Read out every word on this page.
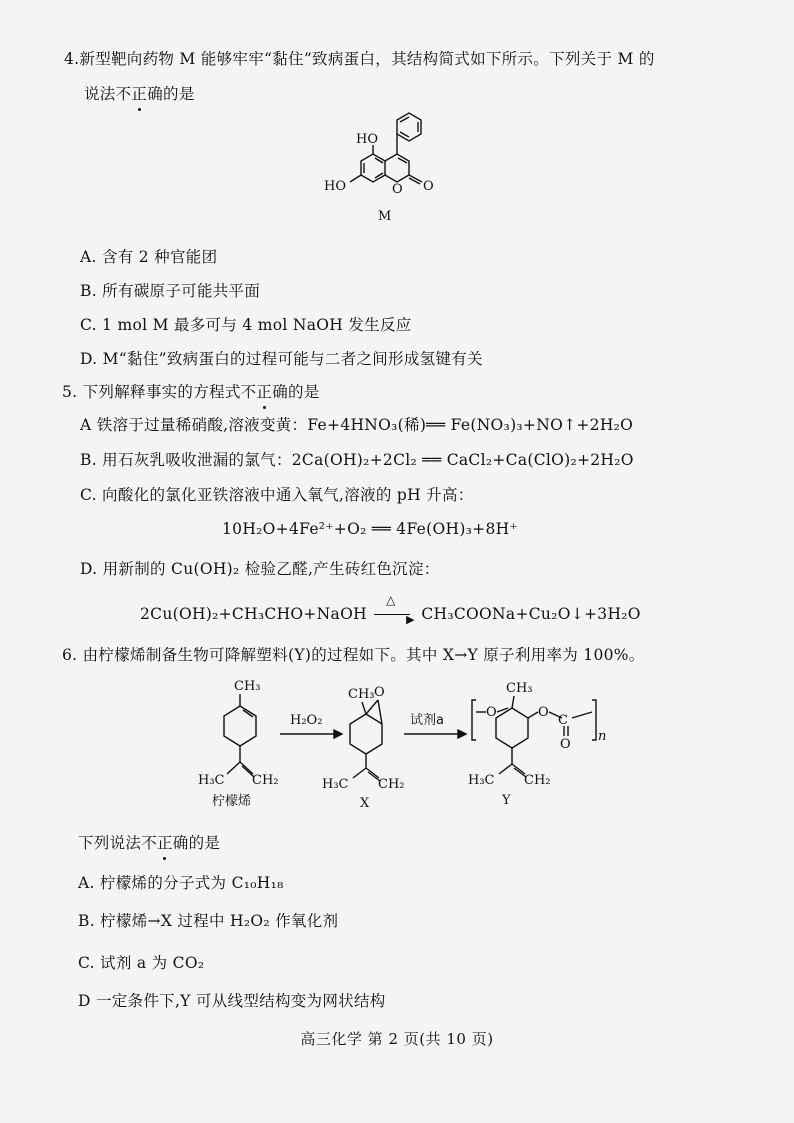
4.新型靶向药物 M 能够牢牢“黏住”致病蛋白，其结构简式如下所示。下列关于 M 的
说法不正确的是
HO
HO	O O
M
A. 含有 2 种官能团
B. 所有碳原子可能共平面
C. 1 mol M 最多可与 4 mol NaOH 发生反应
D. M“黏住”致病蛋白的过程可能与二者之间形成氢键有关
5. 下列解释事实的方程式不正确的是
A 铁溶于过量稀硝酸,溶液变黄：Fe+4HNO₃(稀)══ Fe(NO₃)₃+NO↑+2H₂O
B. 用石灰乳吸收泄漏的氯气：2Ca(OH)₂+2Cl₂ ══ CaCl₂+Ca(ClO)₂+2H₂O
C. 向酸化的氯化亚铁溶液中通入氧气,溶液的 pH 升高：
10H₂O+4Fe²⁺+O₂ ══ 4Fe(OH)₃+8H⁺
D. 用新制的 Cu(OH)₂ 检验乙醛,产生砖红色沉淀：
2Cu(OH)₂+CH₃CHO+NaOH
△
▶ CH₃COONa+Cu₂O↓+3H₂O
6. 由柠檬烯制备生物可降解塑料(Y)的过程如下。其中 X→Y 原子利用率为 100%。
CH₃
H₃C CH₂
柠檬烯
H₂O₂
CH₃ O
H₃C CH₂
X
试剂a
O
CH₃
O
C
O
n
H₃C CH₂
Y
下列说法不正确的是
A. 柠檬烯的分子式为 C₁₀H₁₈
B. 柠檬烯→X 过程中 H₂O₂ 作氧化剂
C. 试剂 a 为 CO₂
D 一定条件下,Y 可从线型结构变为网状结构
高三化学 第 2 页(共 10 页)
